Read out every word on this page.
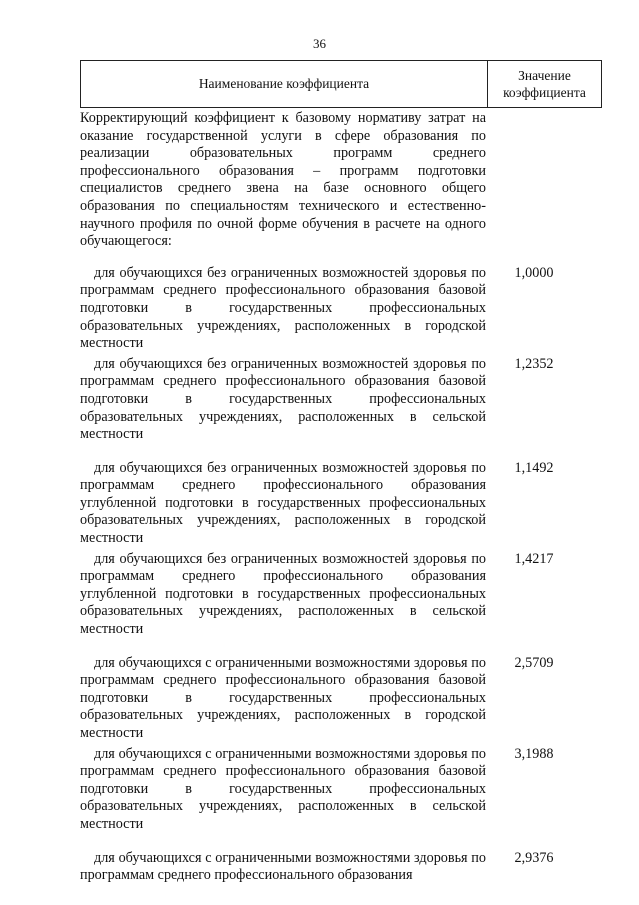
36
Наименование коэффициента
Значение
коэффициента
Корректирующий коэффициент к базовому нормативу затрат на оказание государственной услуги в сфере образования по реализации образовательных программ среднего профессионального образования – программ подготовки специалистов среднего звена на базе основного общего образования по специальностям технического и естественно-научного профиля по очной форме обучения в расчете на одного обучающегося:
для обучающихся без ограниченных возможностей здоровья по программам среднего профессионального образования базовой подготовки в государственных профессиональных образовательных учреждениях, расположенных в городской местности
1,0000
для обучающихся без ограниченных возможностей здоровья по программам среднего профессионального образования базовой подготовки в государственных профессиональных образовательных учреждениях, расположенных в сельской местности
1,2352
для обучающихся без ограниченных возможностей здоровья по программам среднего профессионального образования углубленной подготовки в государственных профессиональных образовательных учреждениях, расположенных в городской местности
1,1492
для обучающихся без ограниченных возможностей здоровья по программам среднего профессионального образования углубленной подготовки в государственных профессиональных образовательных учреждениях, расположенных в сельской местности
1,4217
для обучающихся с ограниченными возможностями здоровья по программам среднего профессионального образования базовой подготовки в государственных профессиональных образовательных учреждениях, расположенных в городской местности
2,5709
для обучающихся с ограниченными возможностями здоровья по программам среднего профессионального образования базовой подготовки в государственных профессиональных образовательных учреждениях, расположенных в сельской местности
3,1988
для обучающихся с ограниченными возможностями здоровья по программам среднего профессионального образования
2,9376
